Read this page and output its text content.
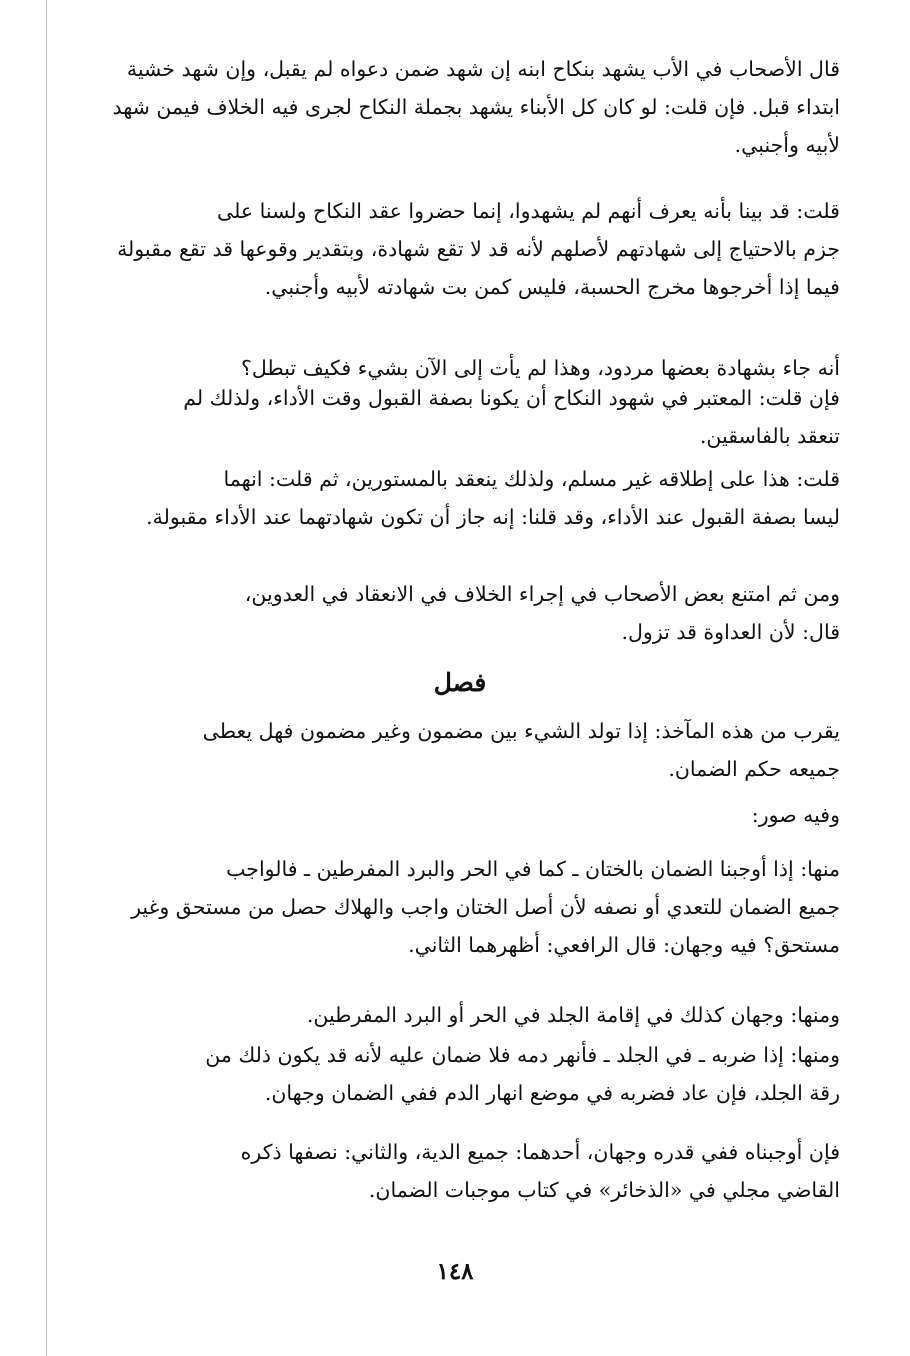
قال الأصحاب في الأب يشهد بنكاح ابنه إن شهد ضمن دعواه لم يقبل، وإن شهد خشية
ابتداء قبل. فإن قلت: لو كان كل الأبناء يشهد بجملة النكاح لجرى فيه الخلاف فيمن شهد
لأبيه وأجنبي.
قلت: قد بينا بأنه يعرف أنهم لم يشهدوا، إنما حضروا عقد النكاح ولسنا على
جزم بالاحتياج إلى شهادتهم لأصلهم لأنه قد لا تقع شهادة، وبتقدير وقوعها قد تقع مقبولة
فيما إذا أخرجوها مخرج الحسبة، فليس كمن بت شهادته لأبيه وأجنبي.
أنه جاء بشهادة بعضها مردود، وهذا لم يأت إلى الآن بشيء فكيف تبطل؟
فإن قلت: المعتبر في شهود النكاح أن يكونا بصفة القبول وقت الأداء، ولذلك لم
تنعقد بالفاسقين.
قلت: هذا على إطلاقه غير مسلم، ولذلك ينعقد بالمستورين، ثم قلت: انهما
ليسا بصفة القبول عند الأداء، وقد قلنا: إنه جاز أن تكون شهادتهما عند الأداء مقبولة.
ومن ثم امتنع بعض الأصحاب في إجراء الخلاف في الانعقاد في العدوين،
قال: لأن العداوة قد تزول.
فصل
يقرب من هذه المآخذ: إذا تولد الشيء بين مضمون وغير مضمون فهل يعطى
جميعه حكم الضمان.
وفيه صور:
منها: إذا أوجبنا الضمان بالختان ـ كما في الحر والبرد المفرطين ـ فالواجب
جميع الضمان للتعدي أو نصفه لأن أصل الختان واجب والهلاك حصل من مستحق وغير
مستحق؟ فيه وجهان: قال الرافعي: أظهرهما الثاني.
ومنها: وجهان كذلك في إقامة الجلد في الحر أو البرد المفرطين.
ومنها: إذا ضربه ـ في الجلد ـ فأنهر دمه فلا ضمان عليه لأنه قد يكون ذلك من
رقة الجلد، فإن عاد فضربه في موضع انهار الدم ففي الضمان وجهان.
فإن أوجبناه ففي قدره وجهان، أحدهما: جميع الدية، والثاني: نصفها ذكره
القاضي مجلي في «الذخائر» في كتاب موجبات الضمان.
١٤٨
